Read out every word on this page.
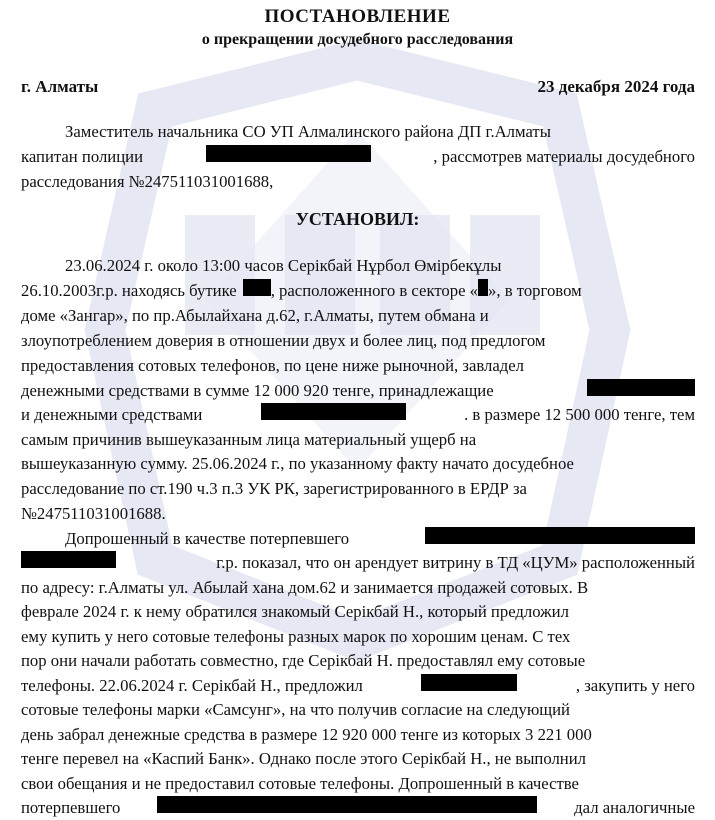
ПОСТАНОВЛЕНИЕ
о прекращении досудебного расследования
г. Алматы	23 декабря 2024 года
Заместитель начальника СО УП Алмалинского района ДП г.Алматы
капитан полиции	, рассмотрев материалы досудебного
расследования №247511031001688,
УСТАНОВИЛ:
23.06.2024 г. около 13:00 часов Серікбай Нұрбол Өмірбекұлы
26.10.2003г.р. находясь бутике , расположенного в секторе « », в торговом
доме «Зангар», по пр.Абылайхана д.62, г.Алматы, путем обмана и
злоупотреблением доверия в отношении двух и более лиц, под предлогом
предоставления сотовых телефонов, по цене ниже рыночной, завладел
денежными средствами в сумме 12 000 920 тенге, принадлежащие
и денежными средствами	. в размере 12 500 000 тенге, тем
самым причинив вышеуказанным лица материальный ущерб на
вышеуказанную сумму. 25.06.2024 г., по указанному факту начато досудебное
расследование по ст.190 ч.3 п.3 УК РК, зарегистрированного в ЕРДР за
№247511031001688.
Допрошенный в качестве потерпевшего
г.р. показал, что он арендует витрину в ТД «ЦУМ» расположенный
по адресу: г.Алматы ул. Абылай хана дом.62 и занимается продажей сотовых. В
феврале 2024 г. к нему обратился знакомый Серікбай Н., который предложил
ему купить у него сотовые телефоны разных марок по хорошим ценам. С тех
пор они начали работать совместно, где Серікбай Н. предоставлял ему сотовые
телефоны. 22.06.2024 г. Серікбай Н., предложил	, закупить у него
сотовые телефоны марки «Самсунг», на что получив согласие на следующий
день забрал денежные средства в размере 12 920 000 тенге из которых 3 221 000
тенге перевел на «Каспий Банк». Однако после этого Серікбай Н., не выполнил
свои обещания и не предоставил сотовые телефоны. Допрошенный в качестве
потерпевшего	дал аналогичные
